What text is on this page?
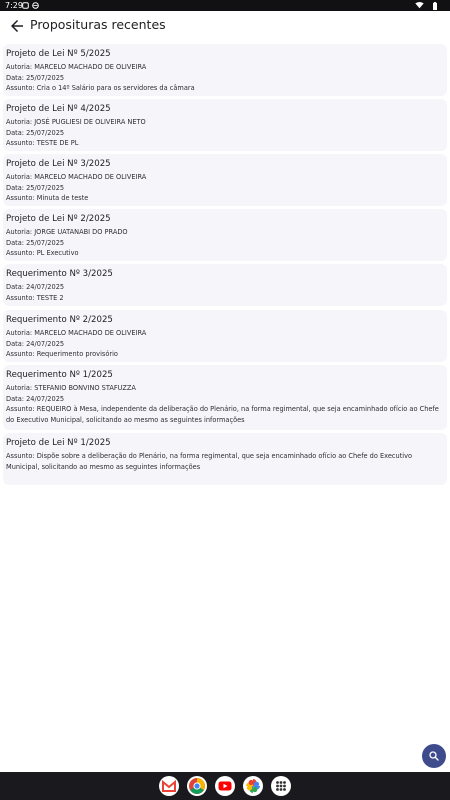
7:29
Proposituras recentes
Projeto de Lei Nº 5/2025
Autoria: MARCELO MACHADO DE OLIVEIRA
Data: 25/07/2025
Assunto: Cria o 14º Salário para os servidores da câmara
Projeto de Lei Nº 4/2025
Autoria: JOSÉ PUGLIESI DE OLIVEIRA NETO
Data: 25/07/2025
Assunto: TESTE DE PL
Projeto de Lei Nº 3/2025
Autoria: MARCELO MACHADO DE OLIVEIRA
Data: 25/07/2025
Assunto: Minuta de teste
Projeto de Lei Nº 2/2025
Autoria: JORGE UATANABI DO PRADO
Data: 25/07/2025
Assunto: PL Executivo
Requerimento Nº 3/2025
Data: 24/07/2025
Assunto: TESTE 2
Requerimento Nº 2/2025
Autoria: MARCELO MACHADO DE OLIVEIRA
Data: 24/07/2025
Assunto: Requerimento provisório
Requerimento Nº 1/2025
Autoria: STEFANIO BONVINO STAFUZZA
Data: 24/07/2025
Assunto: REQUEIRO à Mesa, independente da deliberação do Plenário, na forma regimental, que seja encaminhado ofício ao Chefe do Executivo Municipal, solicitando ao mesmo as seguintes informações
Projeto de Lei Nº 1/2025
Assunto: Dispõe sobre a deliberação do Plenário, na forma regimental, que seja encaminhado ofício ao Chefe do Executivo Municipal, solicitando ao mesmo as seguintes informações
